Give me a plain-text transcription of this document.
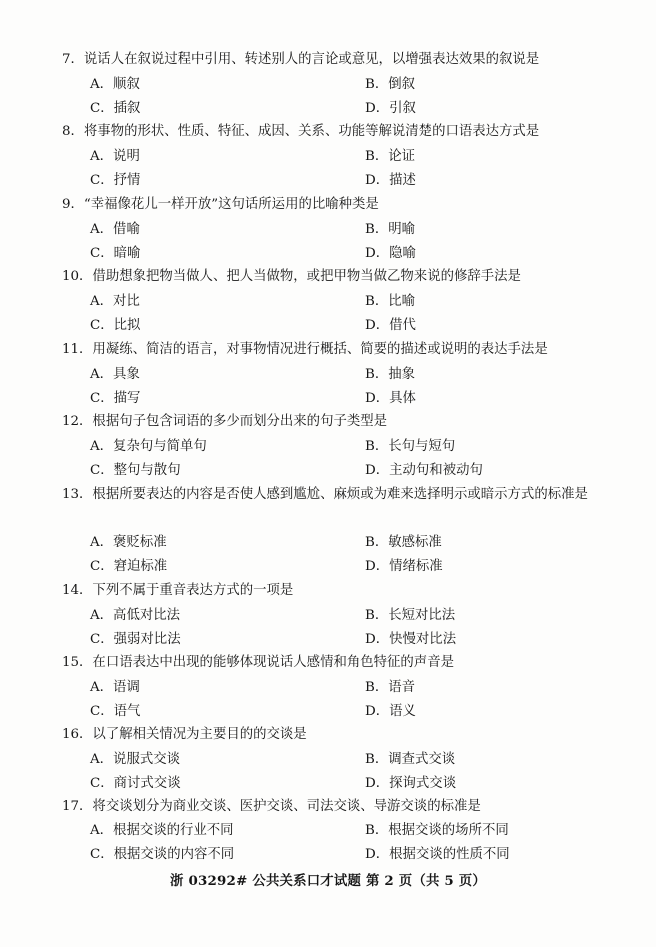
7．说话人在叙说过程中引用、转述别人的言论或意见，以增强表达效果的叙说是
A．顺叙	B．倒叙
C．插叙	D．引叙
8．将事物的形状、性质、特征、成因、关系、功能等解说清楚的口语表达方式是
A．说明	B．论证
C．抒情	D．描述
9．“幸福像花儿一样开放”这句话所运用的比喻种类是
A．借喻	B．明喻
C．暗喻	D．隐喻
10．借助想象把物当做人、把人当做物，或把甲物当做乙物来说的修辞手法是
A．对比	B．比喻
C．比拟	D．借代
11．用凝练、简洁的语言，对事物情况进行概括、简要的描述或说明的表达手法是
A．具象	B．抽象
C．描写	D．具体
12．根据句子包含词语的多少而划分出来的句子类型是
A．复杂句与简单句	B．长句与短句
C．整句与散句	D．主动句和被动句
13．根据所要表达的内容是否使人感到尴尬、麻烦或为难来选择明示或暗示方式的标准是
A．褒贬标准	B．敏感标准
C．窘迫标准	D．情绪标准
14．下列不属于重音表达方式的一项是
A．高低对比法	B．长短对比法
C．强弱对比法	D．快慢对比法
15．在口语表达中出现的能够体现说话人感情和角色特征的声音是
A．语调	B．语音
C．语气	D．语义
16．以了解相关情况为主要目的的交谈是
A．说服式交谈	B．调查式交谈
C．商讨式交谈	D．探询式交谈
17．将交谈划分为商业交谈、医护交谈、司法交谈、导游交谈的标准是
A．根据交谈的行业不同	B．根据交谈的场所不同
C．根据交谈的内容不同	D．根据交谈的性质不同
浙 03292# 公共关系口才试题 第 2 页（共 5 页）
